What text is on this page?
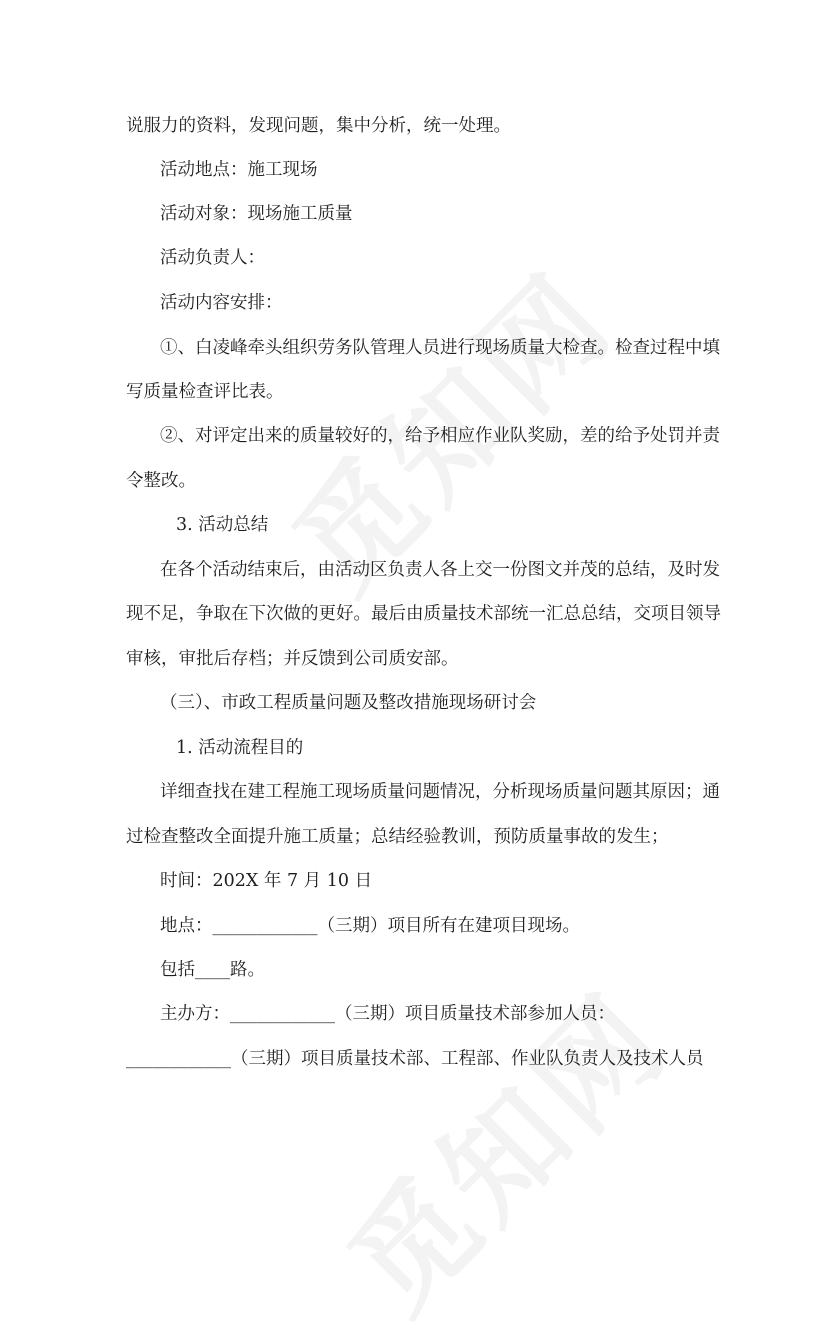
说服力的资料，发现问题，集中分析，统一处理。
活动地点：施工现场
活动对象：现场施工质量
活动负责人：
活动内容安排：
①、白凌峰牵头组织劳务队管理人员进行现场质量大检查。检查过程中填
写质量检查评比表。
②、对评定出来的质量较好的，给予相应作业队奖励，差的给予处罚并责
令整改。
3. 活动总结
在各个活动结束后，由活动区负责人各上交一份图文并茂的总结，及时发
现不足，争取在下次做的更好。最后由质量技术部统一汇总总结，交项目领导
审核，审批后存档；并反馈到公司质安部。
（三）、市政工程质量问题及整改措施现场研讨会
1. 活动流程目的
详细查找在建工程施工现场质量问题情况，分析现场质量问题其原因；通
过检查整改全面提升施工质量；总结经验教训，预防质量事故的发生；
时间：202X 年 7 月 10 日
地点：____________（三期）项目所有在建项目现场。
包括____路。
主办方：____________（三期）项目质量技术部参加人员：
____________（三期）项目质量技术部、工程部、作业队负责人及技术人员
